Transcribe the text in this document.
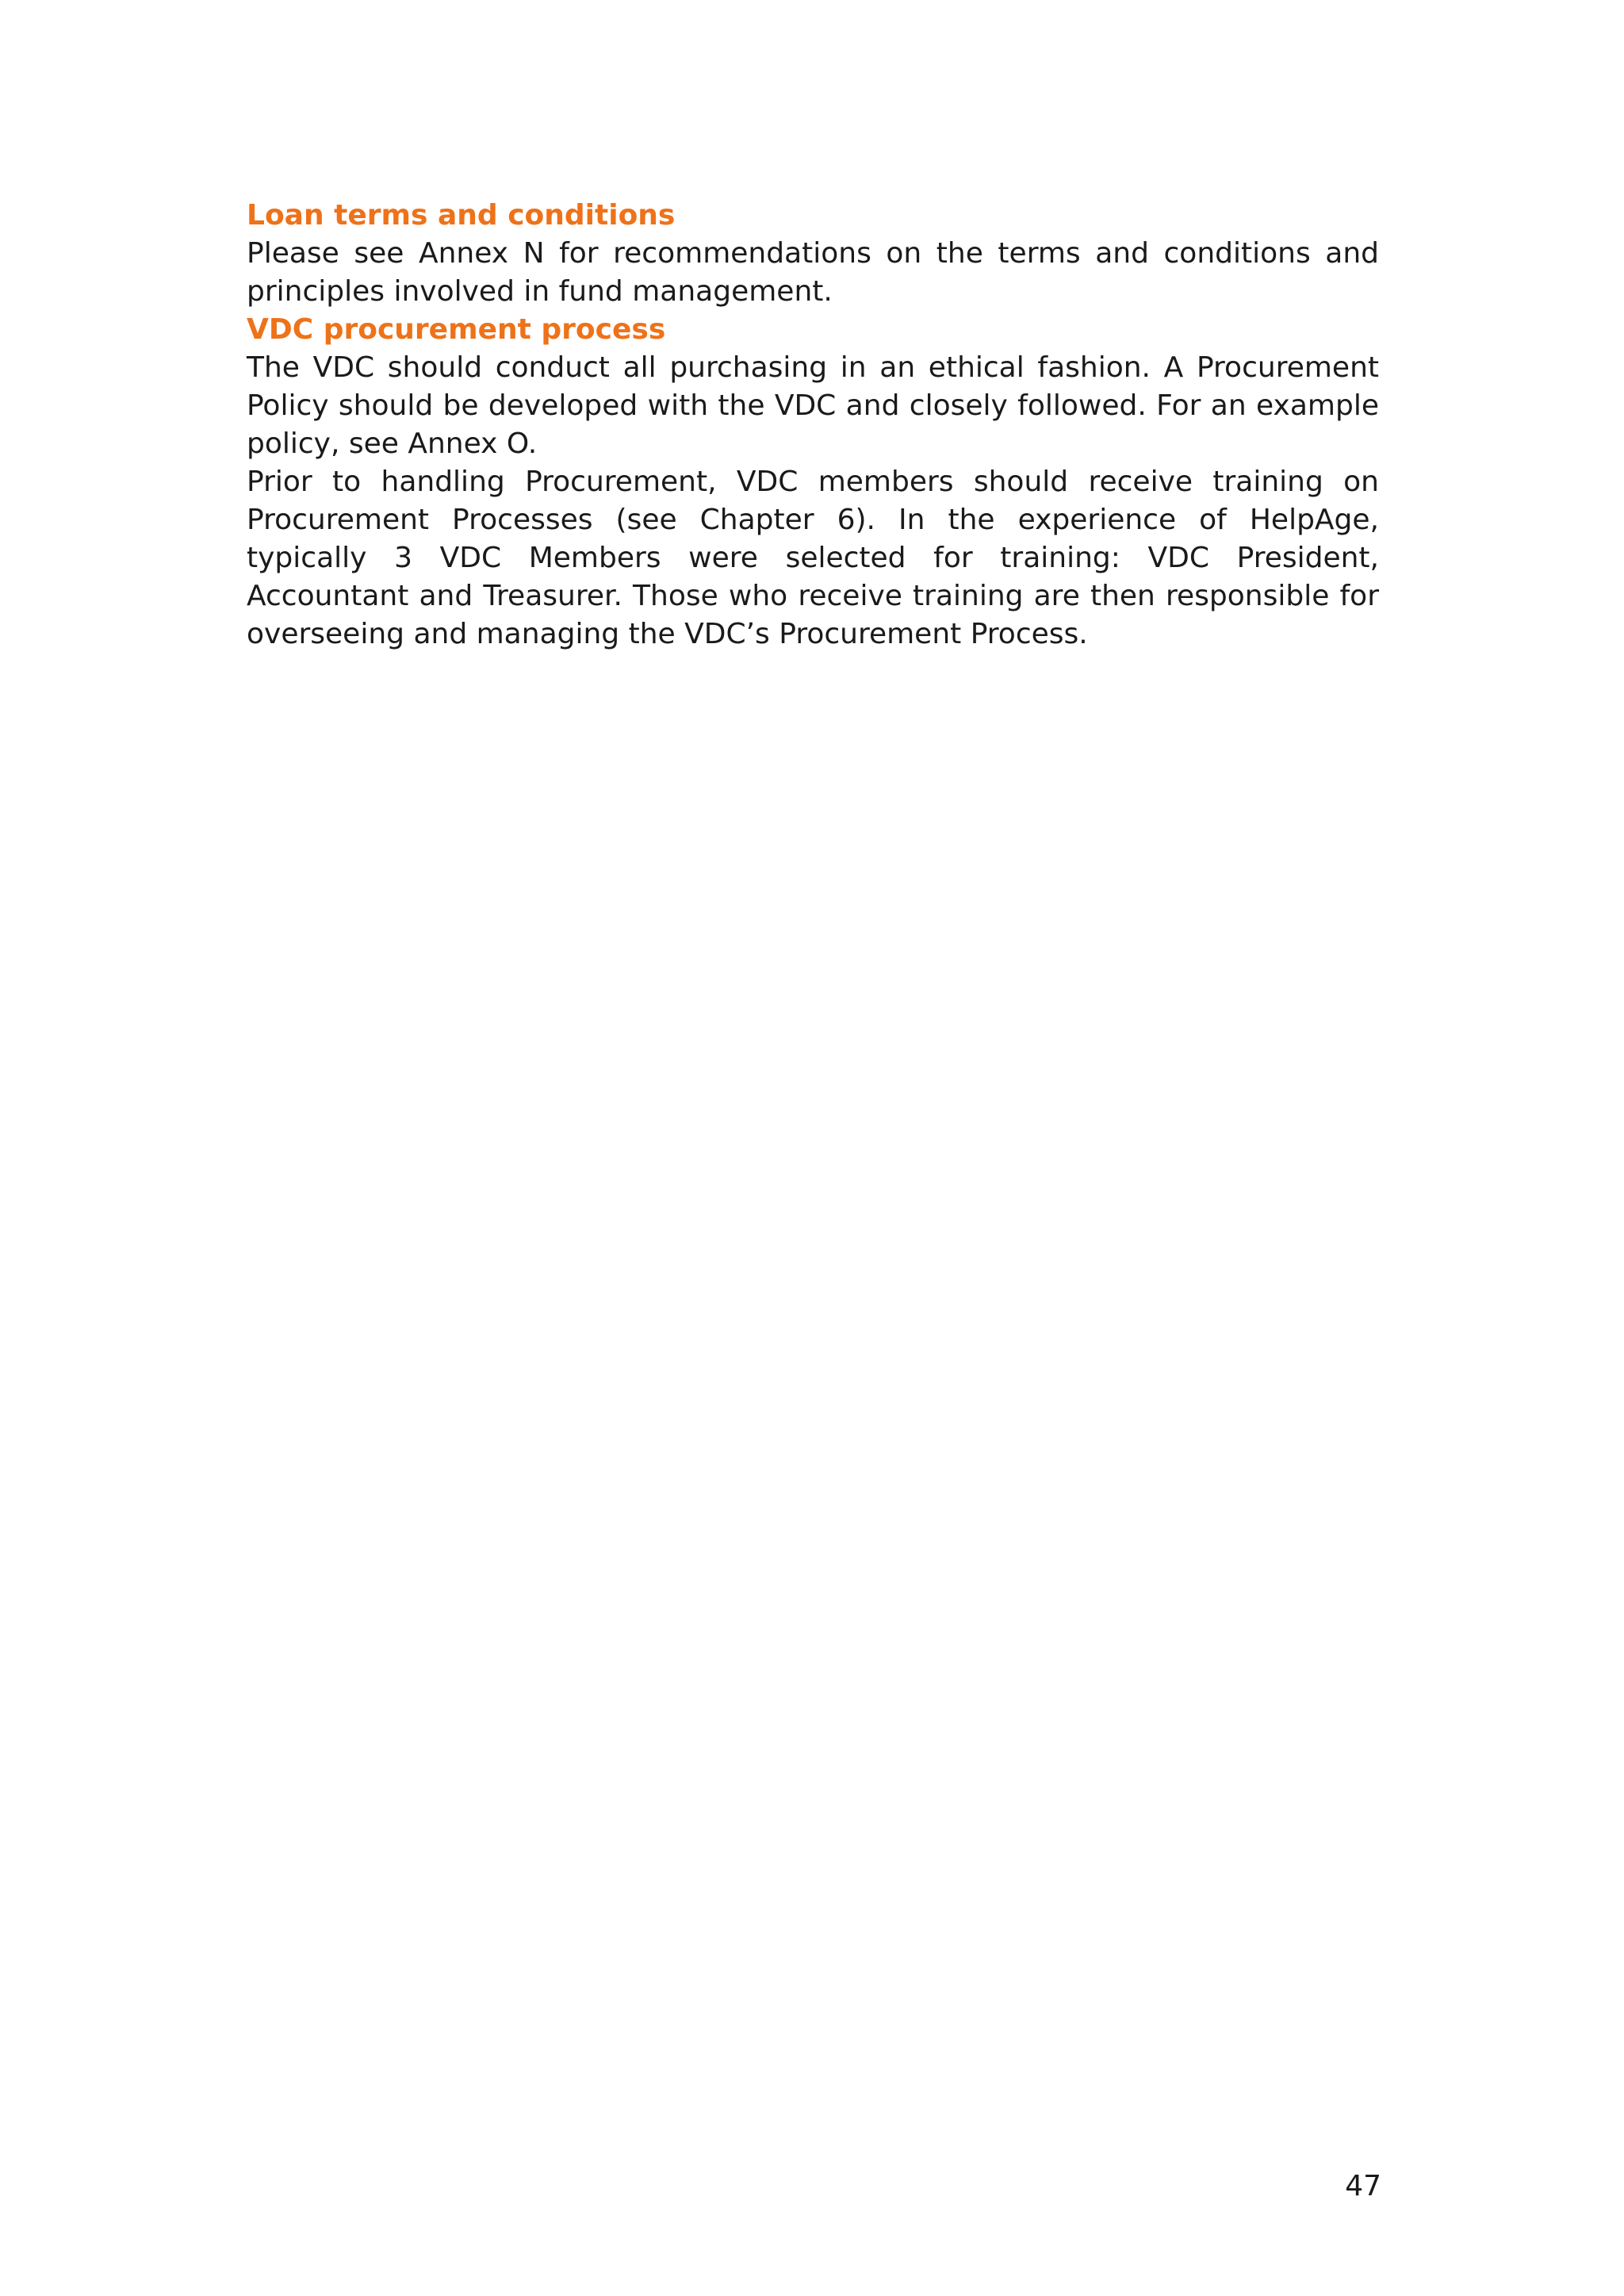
Loan terms and conditions

Please see Annex N for recommendations on the terms and conditions and principles involved in fund management.

VDC procurement process

The VDC should conduct all purchasing in an ethical fashion. A Procurement Policy should be developed with the VDC and closely followed. For an example policy, see Annex O.

Prior to handling Procurement, VDC members should receive training on Procurement Processes (see Chapter 6). In the experience of HelpAge, typically 3 VDC Members were selected for training: VDC President, Accountant and Treasurer. Those who receive training are then responsible for overseeing and managing the VDC’s Procurement Process.

47
